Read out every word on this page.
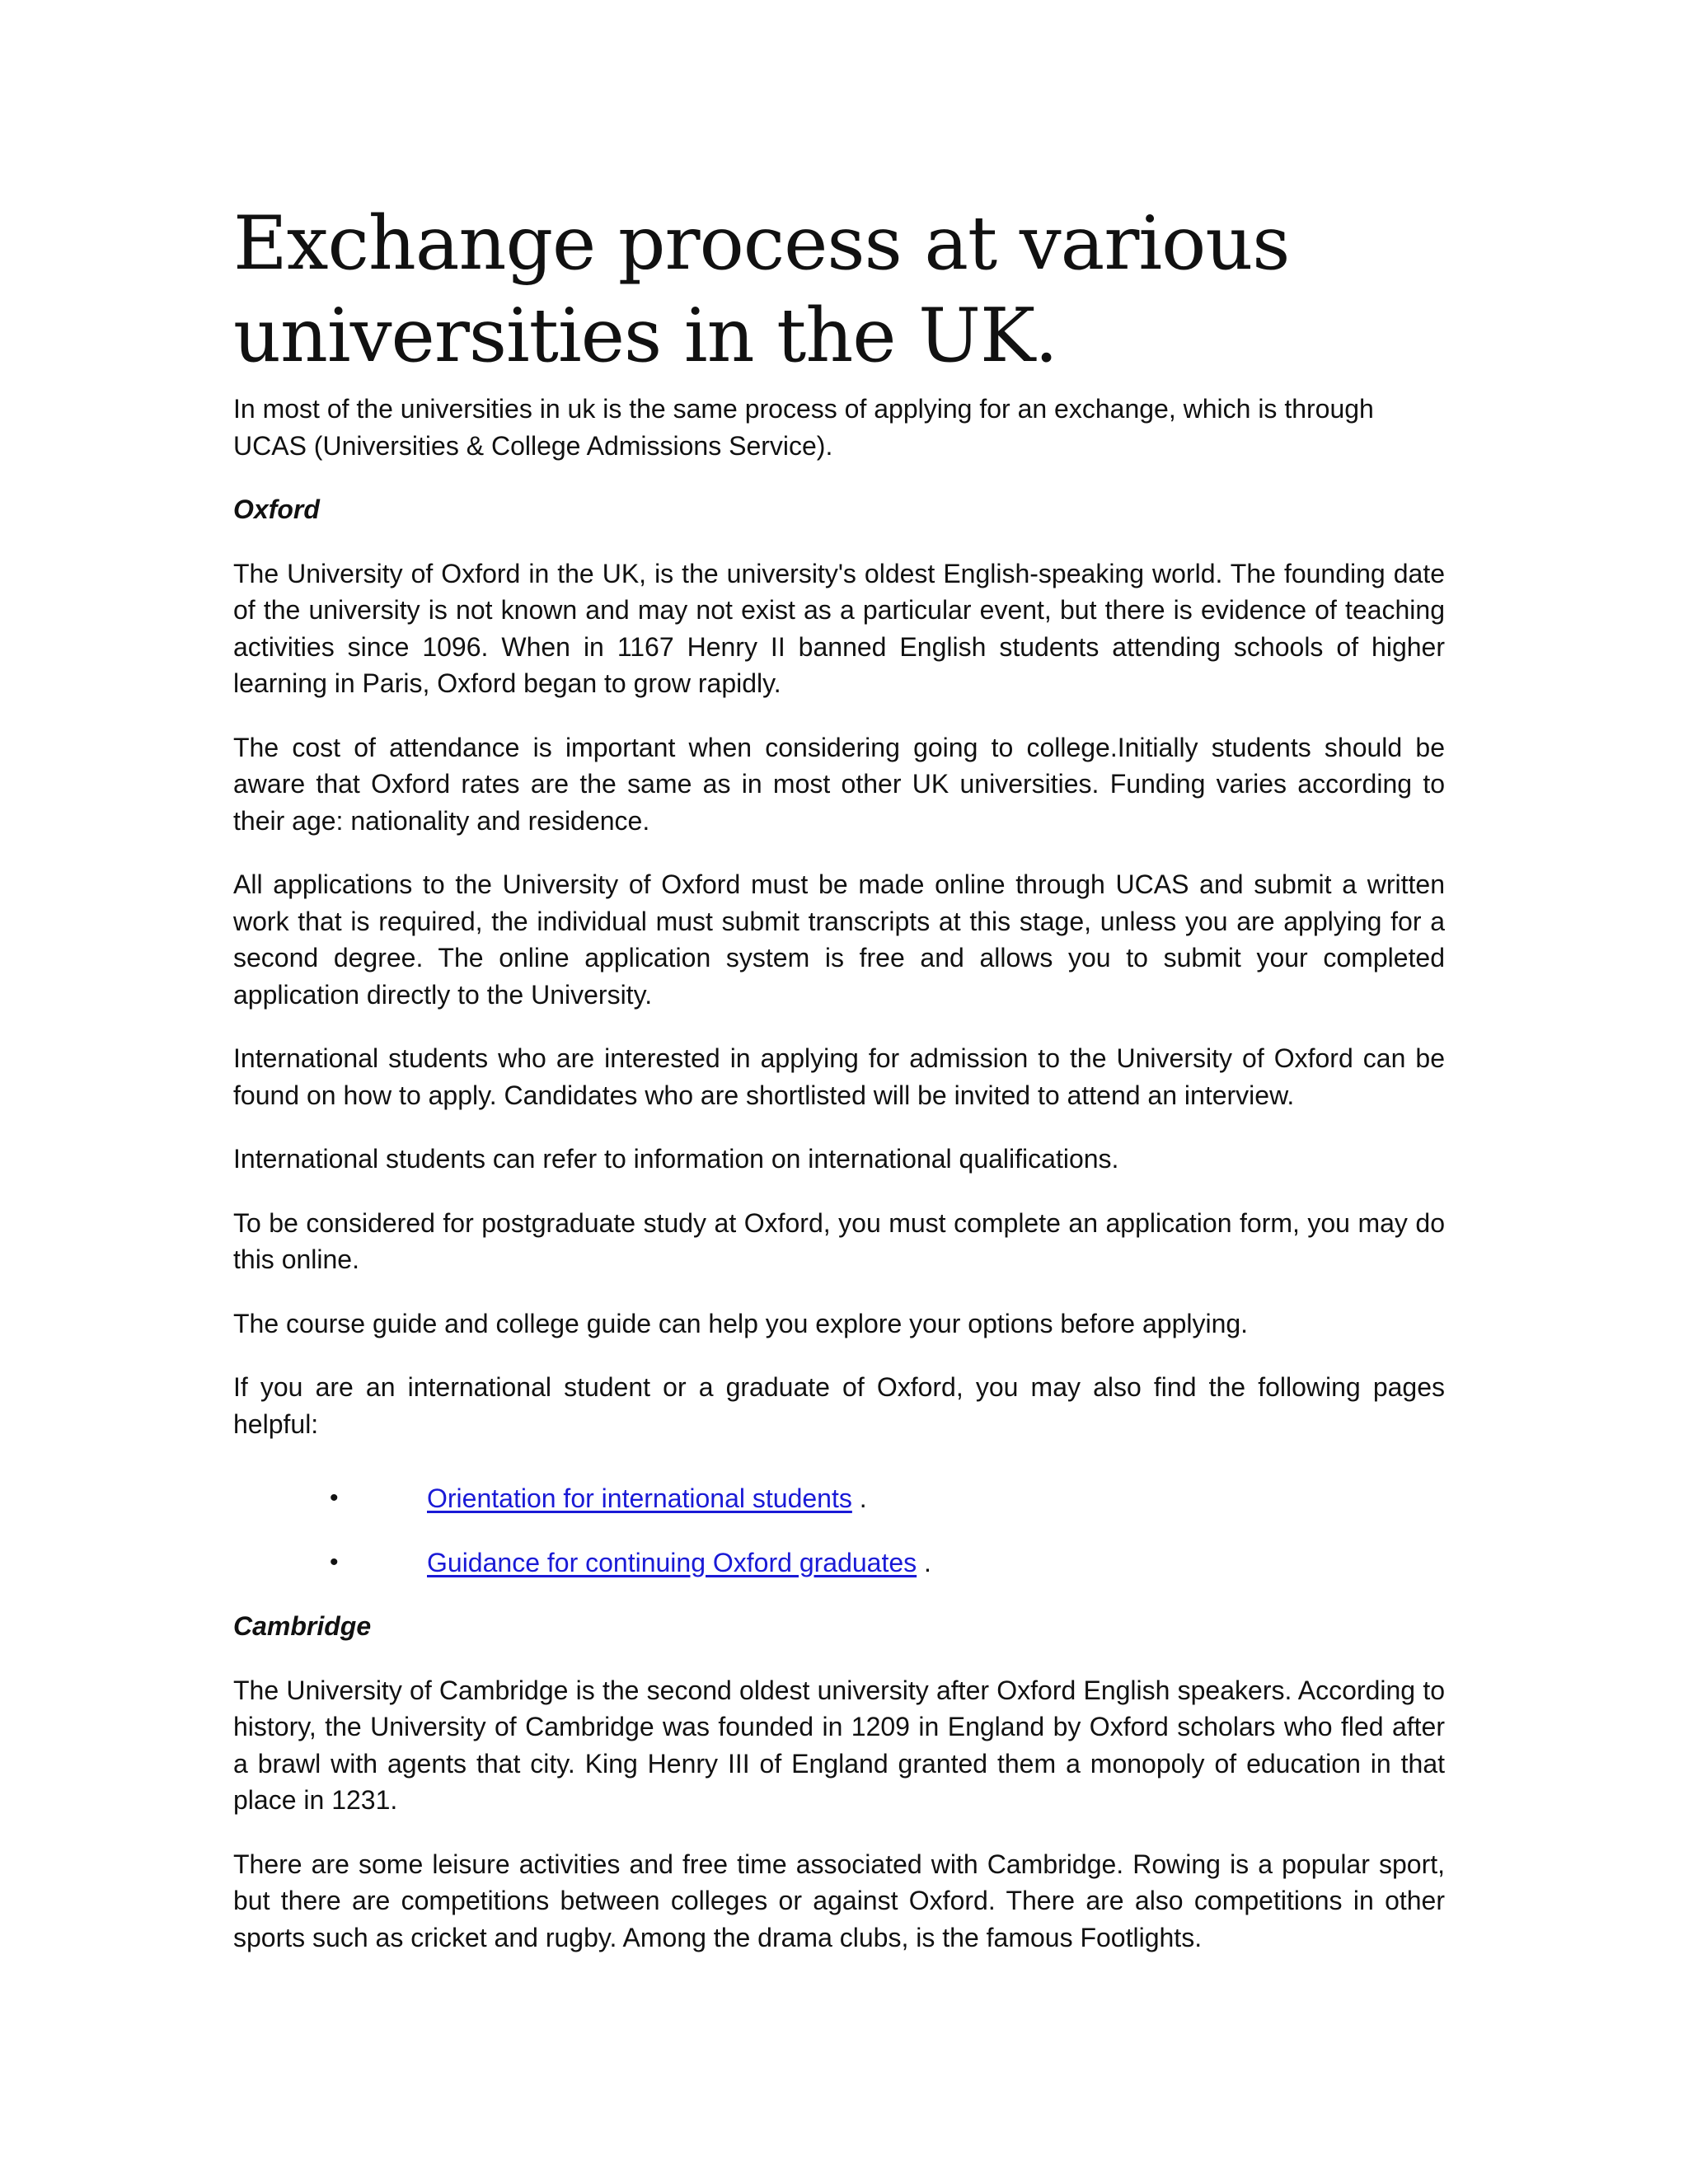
Exchange process at various universities in the UK.

In most of the universities in uk is the same process of applying for an exchange, which is through UCAS (Universities & College Admissions Service).

Oxford

The University of Oxford in the UK, is the university's oldest English-speaking world. The founding date of the university is not known and may not exist as a particular event, but there is evidence of teaching activities since 1096. When in 1167 Henry II banned English students attending schools of higher learning in Paris, Oxford began to grow rapidly.

The cost of attendance is important when considering going to college.Initially students should be aware that Oxford rates are the same as in most other UK universities. Funding varies according to their age: nationality and residence.

All applications to the University of Oxford must be made online through UCAS and submit a written work that is required, the individual must submit transcripts at this stage, unless you are applying for a second degree. The online application system is free and allows you to submit your completed application directly to the University.

International students who are interested in applying for admission to the University of Oxford can be found on how to apply. Candidates who are shortlisted will be invited to attend an interview.

International students can refer to information on international qualifications.

To be considered for postgraduate study at Oxford, you must complete an application form, you may do this online.

The course guide and college guide can help you explore your options before applying.

If you are an international student or a graduate of Oxford, you may also find the following pages helpful:

•	Orientation for international students .
•	Guidance for continuing Oxford graduates .

Cambridge

The University of Cambridge is the second oldest university after Oxford English speakers. According to history, the University of Cambridge was founded in 1209 in England by Oxford scholars who fled after a brawl with agents that city. King Henry III of England granted them a monopoly of education in that place in 1231.

There are some leisure activities and free time associated with Cambridge. Rowing is a popular sport, but there are competitions between colleges or against Oxford. There are also competitions in other sports such as cricket and rugby. Among the drama clubs, is the famous Footlights.
